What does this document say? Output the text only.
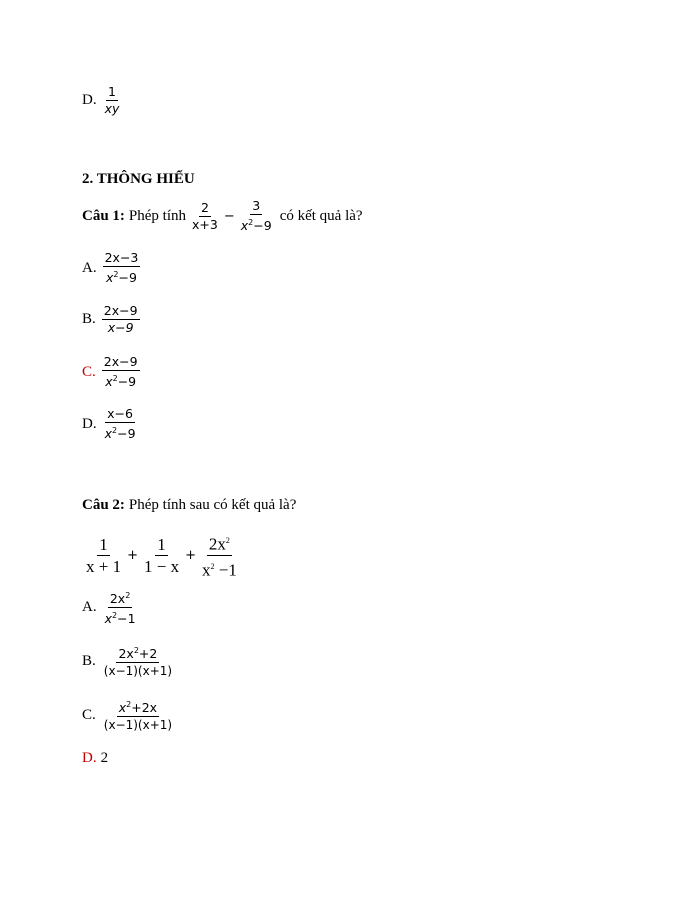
D. $\frac{1}{xy}$
2. THÔNG HIỂU
Câu 1: Phép tính $\frac{2}{x+3} - \frac{3}{x^2-9}$ có kết quả là?
A. $\frac{2x-3}{x^2-9}$
B. $\frac{2x-9}{x-9}$
C. $\frac{2x-9}{x^2-9}$
D. $\frac{x-6}{x^2-9}$
Câu 2: Phép tính sau có kết quả là?
$\frac{1}{x + 1} + \frac{1}{1 - x} + \frac{2x^2}{x^2 -1}$
A. $\frac{2x^2}{x^2-1}$
B. $\frac{2x^2+2}{(x-1)(x+1)}$
C. $\frac{x^2+2x}{(x-1)(x+1)}$
D. 2
